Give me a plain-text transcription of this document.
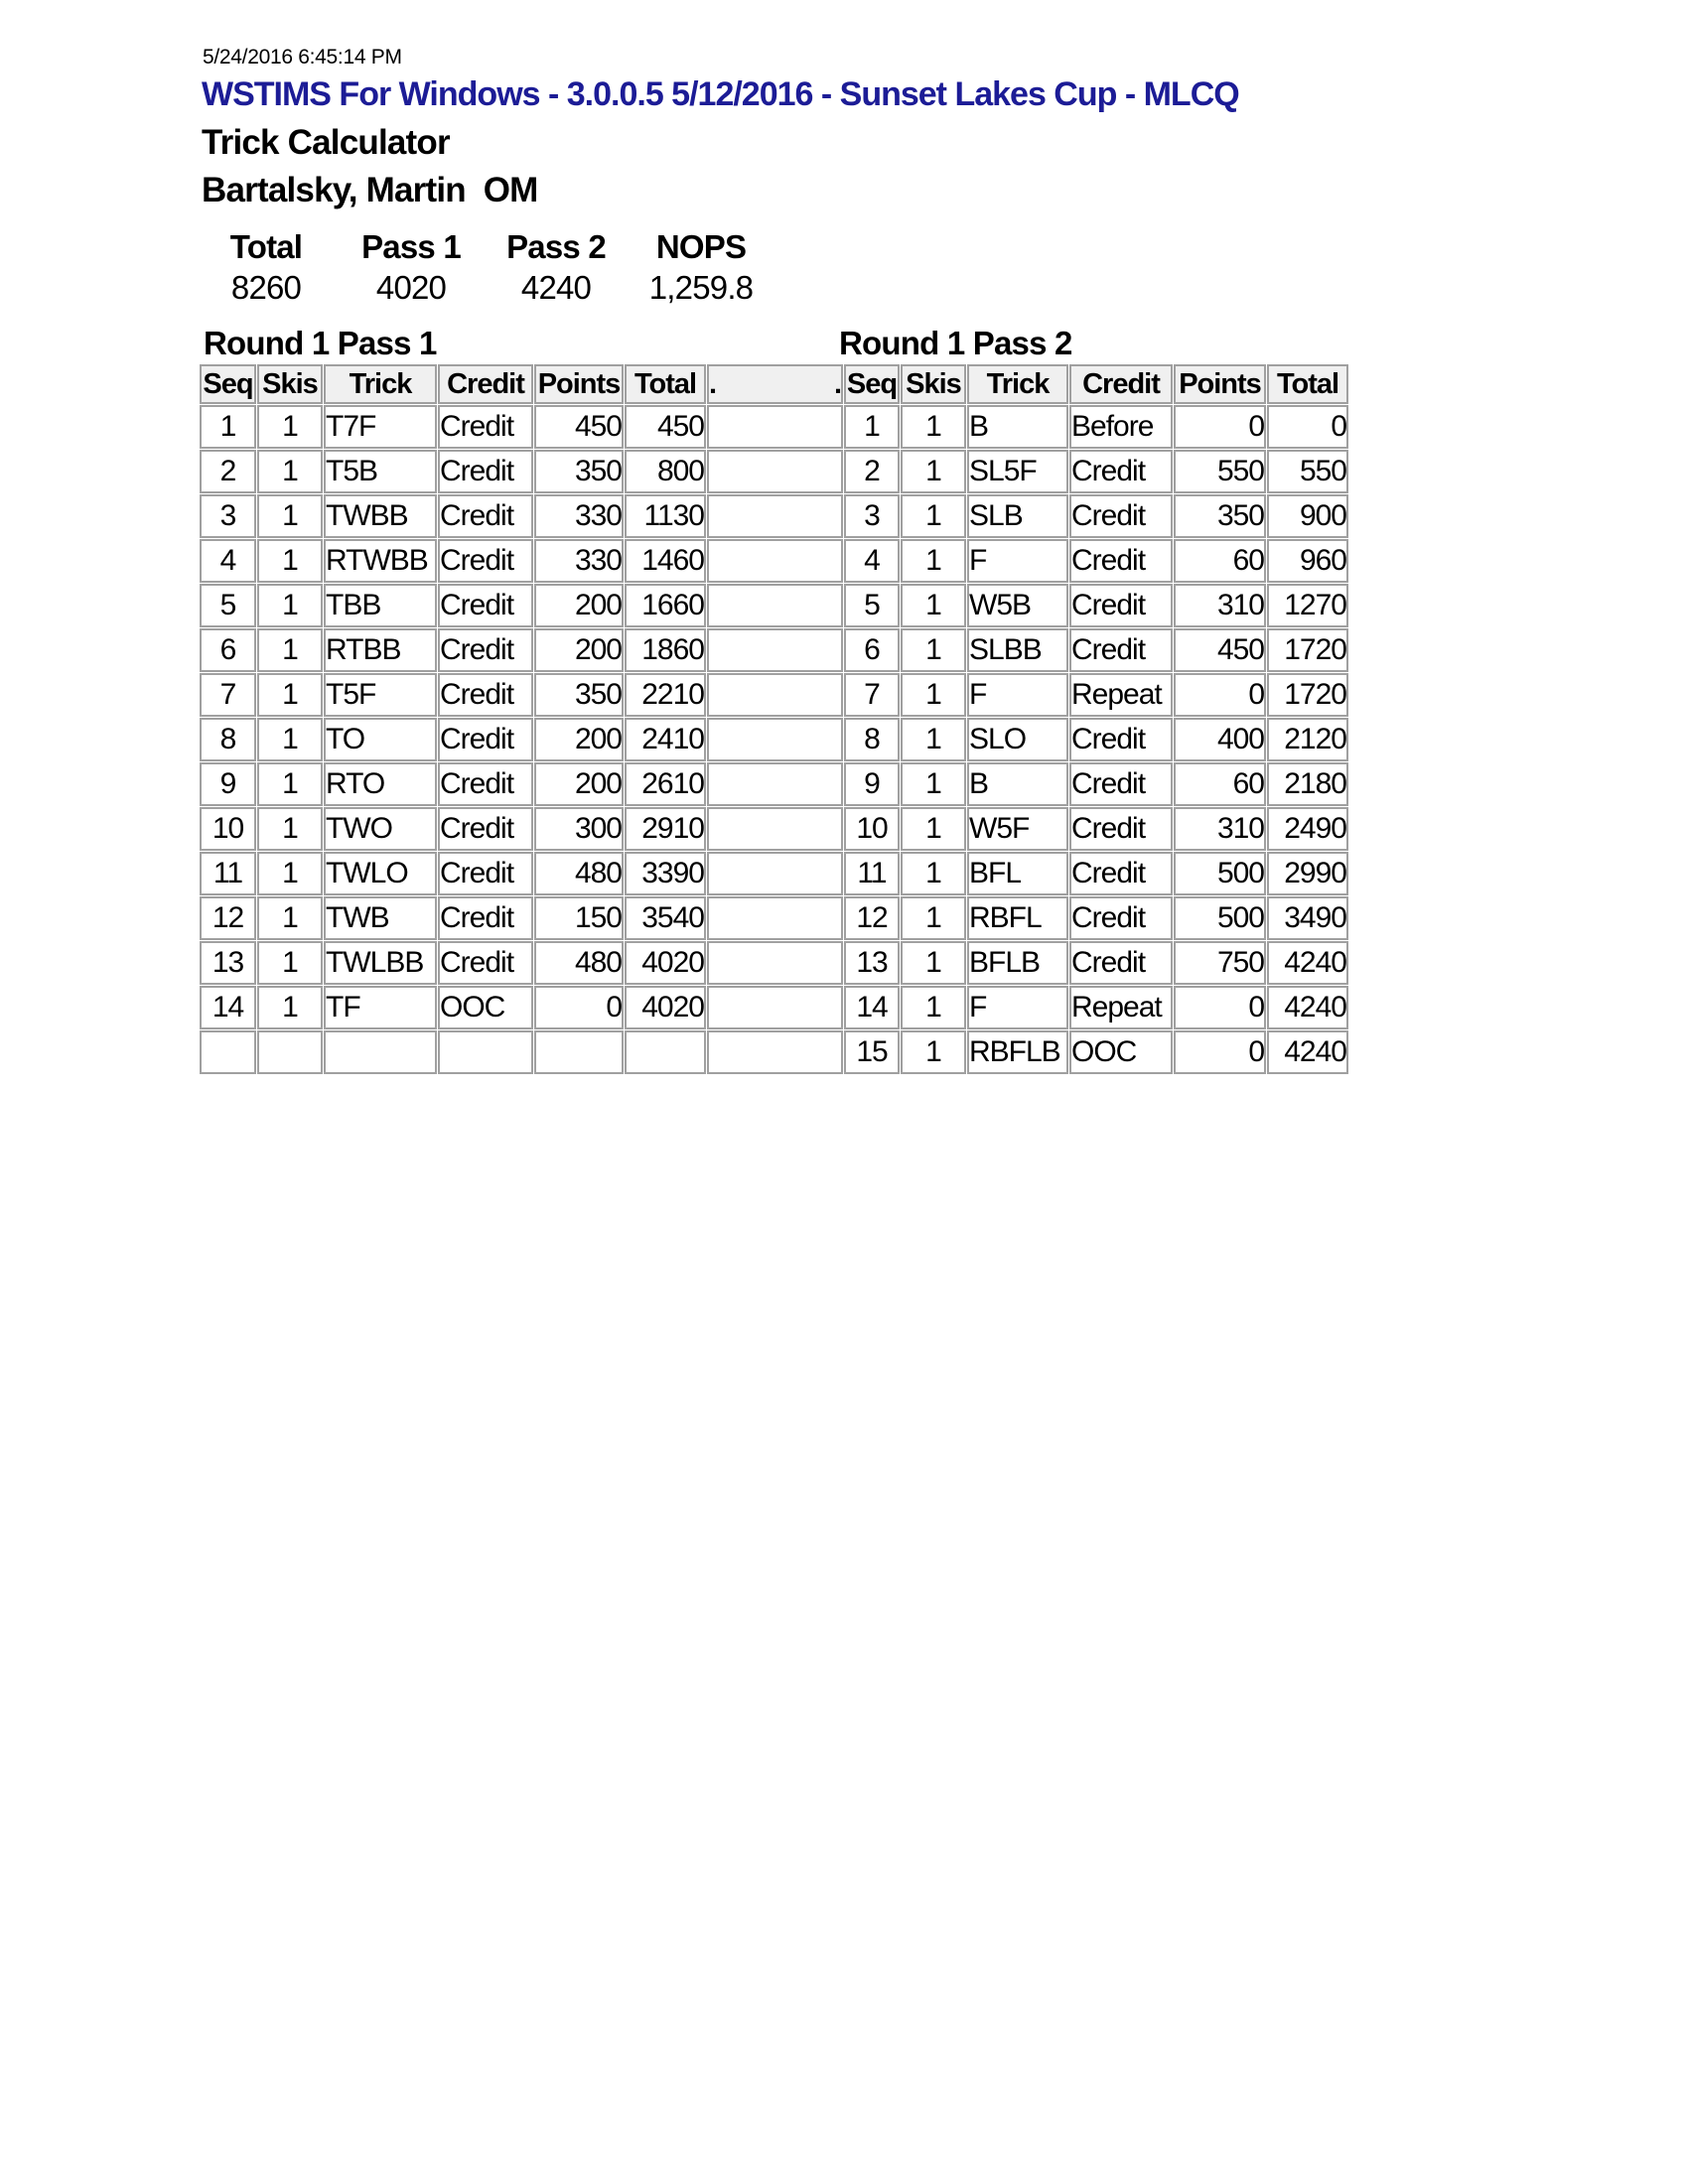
5/24/2016 6:45:14 PM
WSTIMS For Windows - 3.0.0.5 5/12/2016 - Sunset Lakes Cup - MLCQ
Trick Calculator
Bartalsky, Martin  OM
Total	Pass 1	Pass 2	NOPS
8260	4020	4240	1,259.8
Round 1 Pass 1	Round 1 Pass 2
Seq	Skis	Trick	Credit	Points	Total	. .	Seq	Skis	Trick	Credit	Points	Total
1	1	T7F	Credit	450	450		1	1	B	Before	0	0
2	1	T5B	Credit	350	800		2	1	SL5F	Credit	550	550
3	1	TWBB	Credit	330	1130		3	1	SLB	Credit	350	900
4	1	RTWBB	Credit	330	1460		4	1	F	Credit	60	960
5	1	TBB	Credit	200	1660		5	1	W5B	Credit	310	1270
6	1	RTBB	Credit	200	1860		6	1	SLBB	Credit	450	1720
7	1	T5F	Credit	350	2210		7	1	F	Repeat	0	1720
8	1	TO	Credit	200	2410		8	1	SLO	Credit	400	2120
9	1	RTO	Credit	200	2610		9	1	B	Credit	60	2180
10	1	TWO	Credit	300	2910		10	1	W5F	Credit	310	2490
11	1	TWLO	Credit	480	3390		11	1	BFL	Credit	500	2990
12	1	TWB	Credit	150	3540		12	1	RBFL	Credit	500	3490
13	1	TWLBB	Credit	480	4020		13	1	BFLB	Credit	750	4240
14	1	TF	OOC	0	4020		14	1	F	Repeat	0	4240
							15	1	RBFLB	OOC	0	4240
